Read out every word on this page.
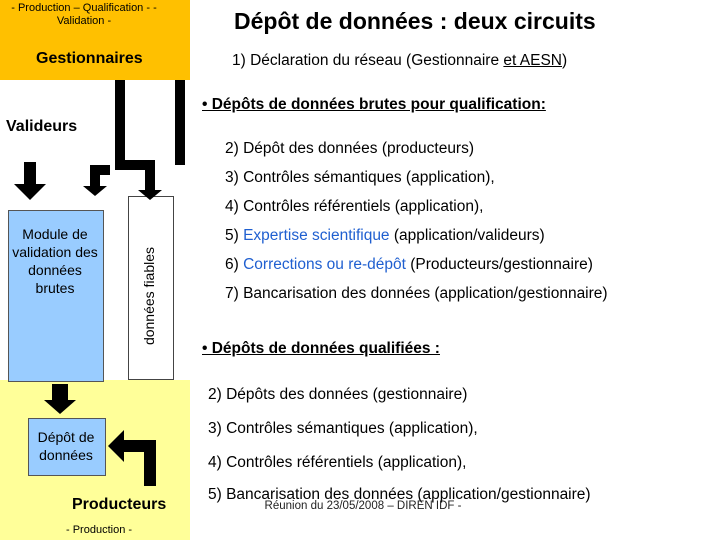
- Production – Qualification - - Validation -
Gestionnaires
Valideurs
Producteurs
- Production -
Module de validation des données brutes	données fiables
Dépôt de données
Dépôt de données : deux circuits
1) Déclaration du réseau (Gestionnaire et AESN)
• Dépôts de données brutes pour qualification:
2) Dépôt des données (producteurs)
3) Contrôles sémantiques (application),
4) Contrôles référentiels (application),
5) Expertise scientifique (application/valideurs)
6) Corrections ou re-dépôt (Producteurs/gestionnaire)
7) Bancarisation des données (application/gestionnaire)
• Dépôts de données qualifiées :
2) Dépôts des données (gestionnaire)
3) Contrôles sémantiques (application),
4) Contrôles référentiels (application),
5) Bancarisation des données (application/gestionnaire)
Réunion du 23/05/2008 – DIREN IDF -
